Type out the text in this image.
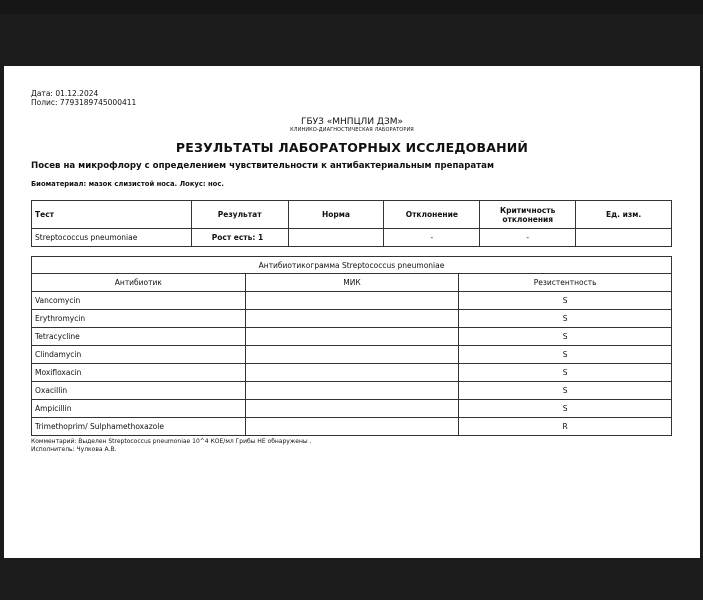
Дата: 01.12.2024
Полис: 7793189745000411
ГБУЗ «МНПЦЛИ ДЗМ»
КЛИНИКО-ДИАГНОСТИЧЕСКАЯ ЛАБОРАТОРИЯ
РЕЗУЛЬТАТЫ ЛАБОРАТОРНЫХ ИССЛЕДОВАНИЙ
Посев на микрофлору с определением чувствительности к антибактериальным препаратам
Биоматериал: мазок слизистой носа. Локус: нос.
Тест	Результат	Норма	Отклонение	Критичность отклонения	Ед. изм.
Streptococcus pneumoniae	Рост есть: 1		-	-	
Антибиотикограмма Streptococcus pneumoniae		
Антибиотик	МИК	Резистентность
Vancomycin		S
Erythromycin		S
Tetracycline		S
Clindamycin		S
Moxifloxacin		S
Oxacillin		S
Ampicillin		S
Trimethoprim/ Sulphamethoxazole		R
Комментарий: Выделен Streptococcus pneumoniae 10^4 КОЕ/мл Грибы НЕ обнаружены .
Исполнитель: Чулкова А.В.
